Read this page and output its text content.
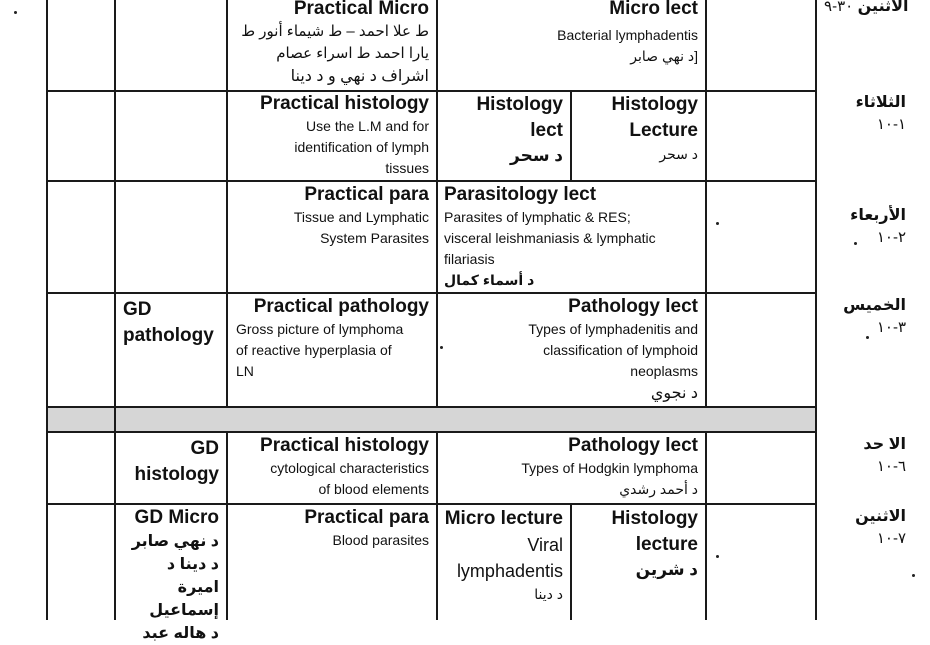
الاثنين ٣٠-٩
Micro lect
Bacterial lymphadentis
[د نهي صابر
Practical Micro
ط علا احمد – ط شيماء أنور ط
يارا احمد ط اسراء عصام
اشراف د نهي و د دينا
الثلاثاء
١-١٠
Histology
Lecture
د سحر
Histology
lect
د سحر
Practical histology
Use the L.M and for
identification of lymph
tissues
الأربعاء
٢-١٠
Parasitology lect
Parasites of lymphatic & RES;
visceral leishmaniasis & lymphatic
filariasis
د أسماء كمال
Practical para
Tissue and Lymphatic
System Parasites
الخميس
٣-١٠
Pathology lect
Types of lymphadenitis and
classification of lymphoid
neoplasms
د نجوي
Practical pathology
Gross picture of lymphoma
of reactive hyperplasia of
LN
GD
pathology
الا حد
٦-١٠
Pathology lect
Types of Hodgkin lymphoma
د أحمد رشدي
Practical histology
cytological characteristics
of blood elements
GD
histology
الاثنين
٧-١٠
Histology
lecture
د شرين
Micro lecture
Viral
lymphadentis
د دينا
Practical para
Blood parasites
GD Micro
د نهي صابر
د دينا د اميرة
إسماعيل
د هاله عبد
